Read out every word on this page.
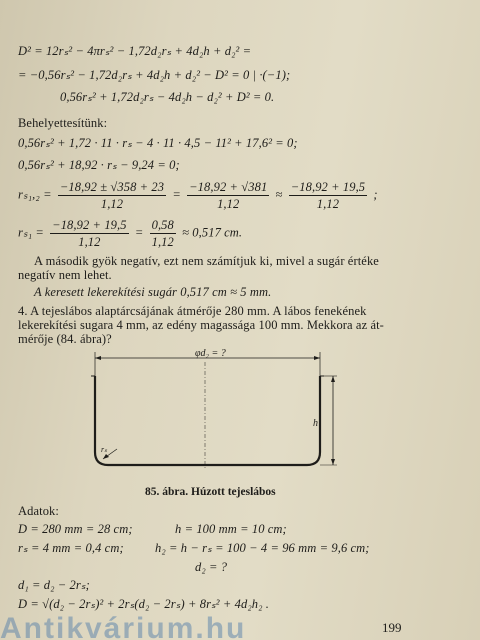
D² = 12rₛ² − 4πrₛ² − 1,72d₂rₛ + 4d₂h + d₂² =
= −0,56rₛ² − 1,72d₂rₛ + 4d₂h + d₂² − D² = 0 | ·(−1);
0,56rₛ² + 1,72d₂rₛ − 4d₂h − d₂² + D² = 0.
Behelyettesítünk:
0,56rₛ² + 1,72 · 11 · rₛ − 4 · 11 · 4,5 − 11² + 17,6² = 0;
0,56rₛ² + 18,92 · rₛ − 9,24 = 0;
$r_{s1},_2 = \frac{-18,92 \pm √358 + 23}{1,12} = \frac{-18,92 + √381}{1,12} \approx \frac{-18,92 + 19,5}{1,12}$ ;
$r_{s1} = \frac{-18,92 + 19,5}{1,12} = \frac{0,58}{1,12} \approx 0,517$ cm.
A második gyök negatív, ezt nem számítjuk ki, mivel a sugár értéke
negatív nem lehet.
A keresett lekerekítési sugár 0,517 cm ≈ 5 mm.
4. A tejeslábos alaptárcsájának átmérője 280 mm. A lábos fenekének
lekerekítési sugara 4 mm, az edény magassága 100 mm. Mekkora az át-
mérője (84. ábra)?
φd₂ = ?
h
rₛ
85. ábra. Húzott tejeslábos
Adatok:
D = 280 mm = 28 cm;	h = 100 mm = 10 cm;
rₛ = 4 mm = 0,4 cm;	h₂ = h − rₛ = 100 − 4 = 96 mm = 9,6 cm;
d₂ = ?
d₁ = d₂ − 2rₛ;
D = √(d₂ − 2rₛ)² + 2rₛ(d₂ − 2rₛ) + 8rₛ² + 4d₂h₂ .
199
Antikvárium.hu
